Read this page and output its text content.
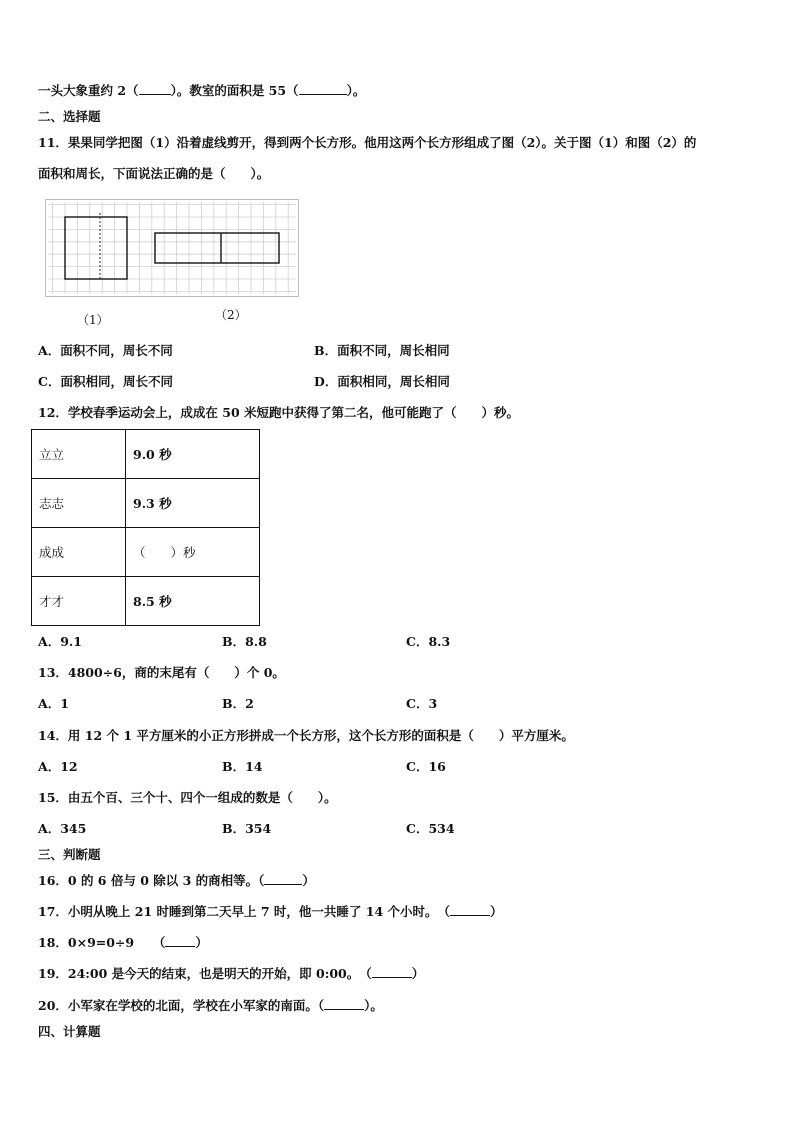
一头大象重约 2（	）。教室的面积是 55（	）。
二、选择题
11．果果同学把图（1）沿着虚线剪开，得到两个长方形。他用这两个长方形组成了图（2）。关于图（1）和图（2）的
面积和周长，下面说法正确的是（　　）。
（1）	（2）
A．面积不同，周长不同	B．面积不同，周长相同
C．面积相同，周长不同	D．面积相同，周长相同
12．学校春季运动会上，成成在 50 米短跑中获得了第二名，他可能跑了（　　）秒。
立立	9.0 秒
志志	9.3 秒
成成	（　　）秒
才才	8.5 秒
A．9.1	B．8.8	C．8.3
13．4800÷6，商的末尾有（　　）个 0。
A．1	B．2	C．3
14．用 12 个 1 平方厘米的小正方形拼成一个长方形，这个长方形的面积是（　　）平方厘米。
A．12	B．14	C．16
15．由五个百、三个十、四个一组成的数是（　　）。
A．345	B．354	C．534
三、判断题
16．0 的 6 倍与 0 除以 3 的商相等。（	）
17．小明从晚上 21 时睡到第二天早上 7 时，他一共睡了 14 个小时。　（	）
18．0×9=0÷9　　（ ）
19．24:00 是今天的结束，也是明天的开始，即 0:00。　（	）
20．小军家在学校的北面，学校在小军家的南面。（	）。
四、计算题
